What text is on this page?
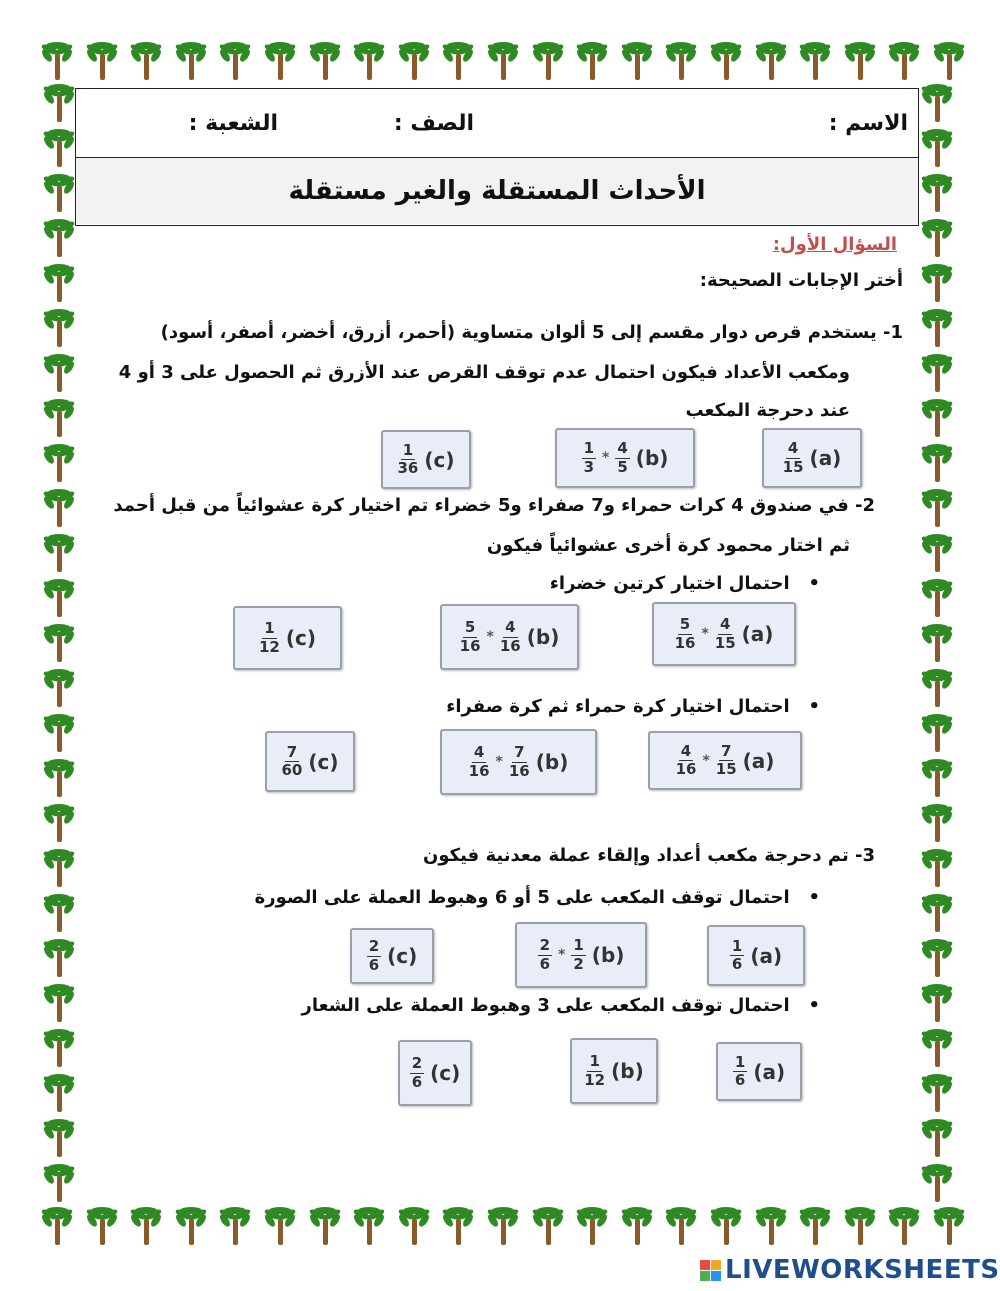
الاسم :
الصف :
الشعبة :
الأحداث المستقلة والغير مستقلة
السؤال الأول:
أختر الإجابات الصحيحة:
1- يستخدم قرص دوار مقسم إلى 5 ألوان متساوية (أحمر، أزرق، أخضر، أصفر، أسود)
ومكعب الأعداد فيكون احتمال عدم توقف القرص عند الأزرق ثم الحصول على 3 أو 4
عند دحرجة المكعب
$\frac{4}{15} (a)$
$\frac{1}{3} * \frac{4}{5} (b)$
$\frac{1}{36} (c)$
2- في صندوق 4 كرات حمراء و7 صفراء و5 خضراء تم اختيار كرة عشوائياً من قبل أحمد
ثم اختار محمود كرة أخرى عشوائياً فيكون
•   احتمال اختيار كرتين خضراء
$\frac{5}{16} * \frac{4}{15} (a)$
$\frac{5}{16} * \frac{4}{16} (b)$
$\frac{1}{12} (c)$
•   احتمال اختيار كرة حمراء ثم كرة صفراء
$\frac{4}{16} * \frac{7}{15} (a)$
$\frac{4}{16} * \frac{7}{16} (b)$
$\frac{7}{60} (c)$
3- تم دحرجة مكعب أعداد وإلقاء عملة معدنية فيكون
•   احتمال توقف المكعب على 5 أو 6 وهبوط العملة على الصورة
$\frac{1}{6} (a)$
$\frac{2}{6} * \frac{1}{2} (b)$
$\frac{2}{6} (c)$
•   احتمال توقف المكعب على 3 وهبوط العملة على الشعار
$\frac{1}{6} (a)$
$\frac{1}{12} (b)$
$\frac{2}{6} (c)$
LIVEWORKSHEETS
